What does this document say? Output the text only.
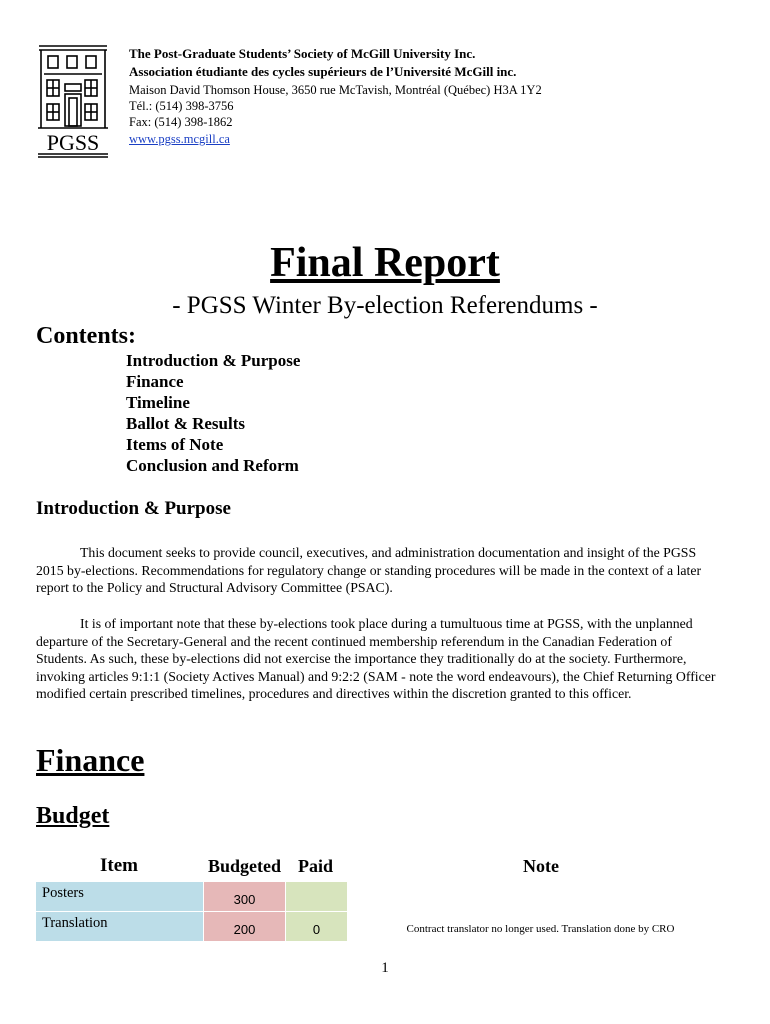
PGSS
The Post-Graduate Students’ Society of McGill University Inc.
Association étudiante des cycles supérieurs de l’Université McGill inc.
Maison David Thomson House, 3650 rue McTavish, Montréal (Québec) H3A 1Y2
Tél.: (514) 398-3756
Fax: (514) 398-1862
www.pgss.mcgill.ca
Final Report
- PGSS Winter By-election Referendums -
Contents:
Introduction & Purpose
Finance
Timeline
Ballot & Results
Items of Note
Conclusion and Reform
Introduction & Purpose
This document seeks to provide council, executives, and administration documentation and insight of the PGSS 2015 by-elections. Recommendations for regulatory change or standing procedures will be made in the context of a later report to the Policy and Structural Advisory Committee (PSAC).
It is of important note that these by-elections took place during a tumultuous time at PGSS, with the unplanned departure of the Secretary-General and the recent continued membership referendum in the Canadian Federation of Students. As such, these by-elections did not exercise the importance they traditionally do at the society. Furthermore, invoking articles 9:1:1 (Society Actives Manual) and 9:2:2 (SAM - note the word endeavours), the Chief Returning Officer modified certain prescribed timelines, procedures and directives within the discretion granted to this officer.
Finance
Budget
Item	Budgeted Paid	Note
Posters	300
Translation	200	0	Contract translator no longer used. Translation done by CRO
1
